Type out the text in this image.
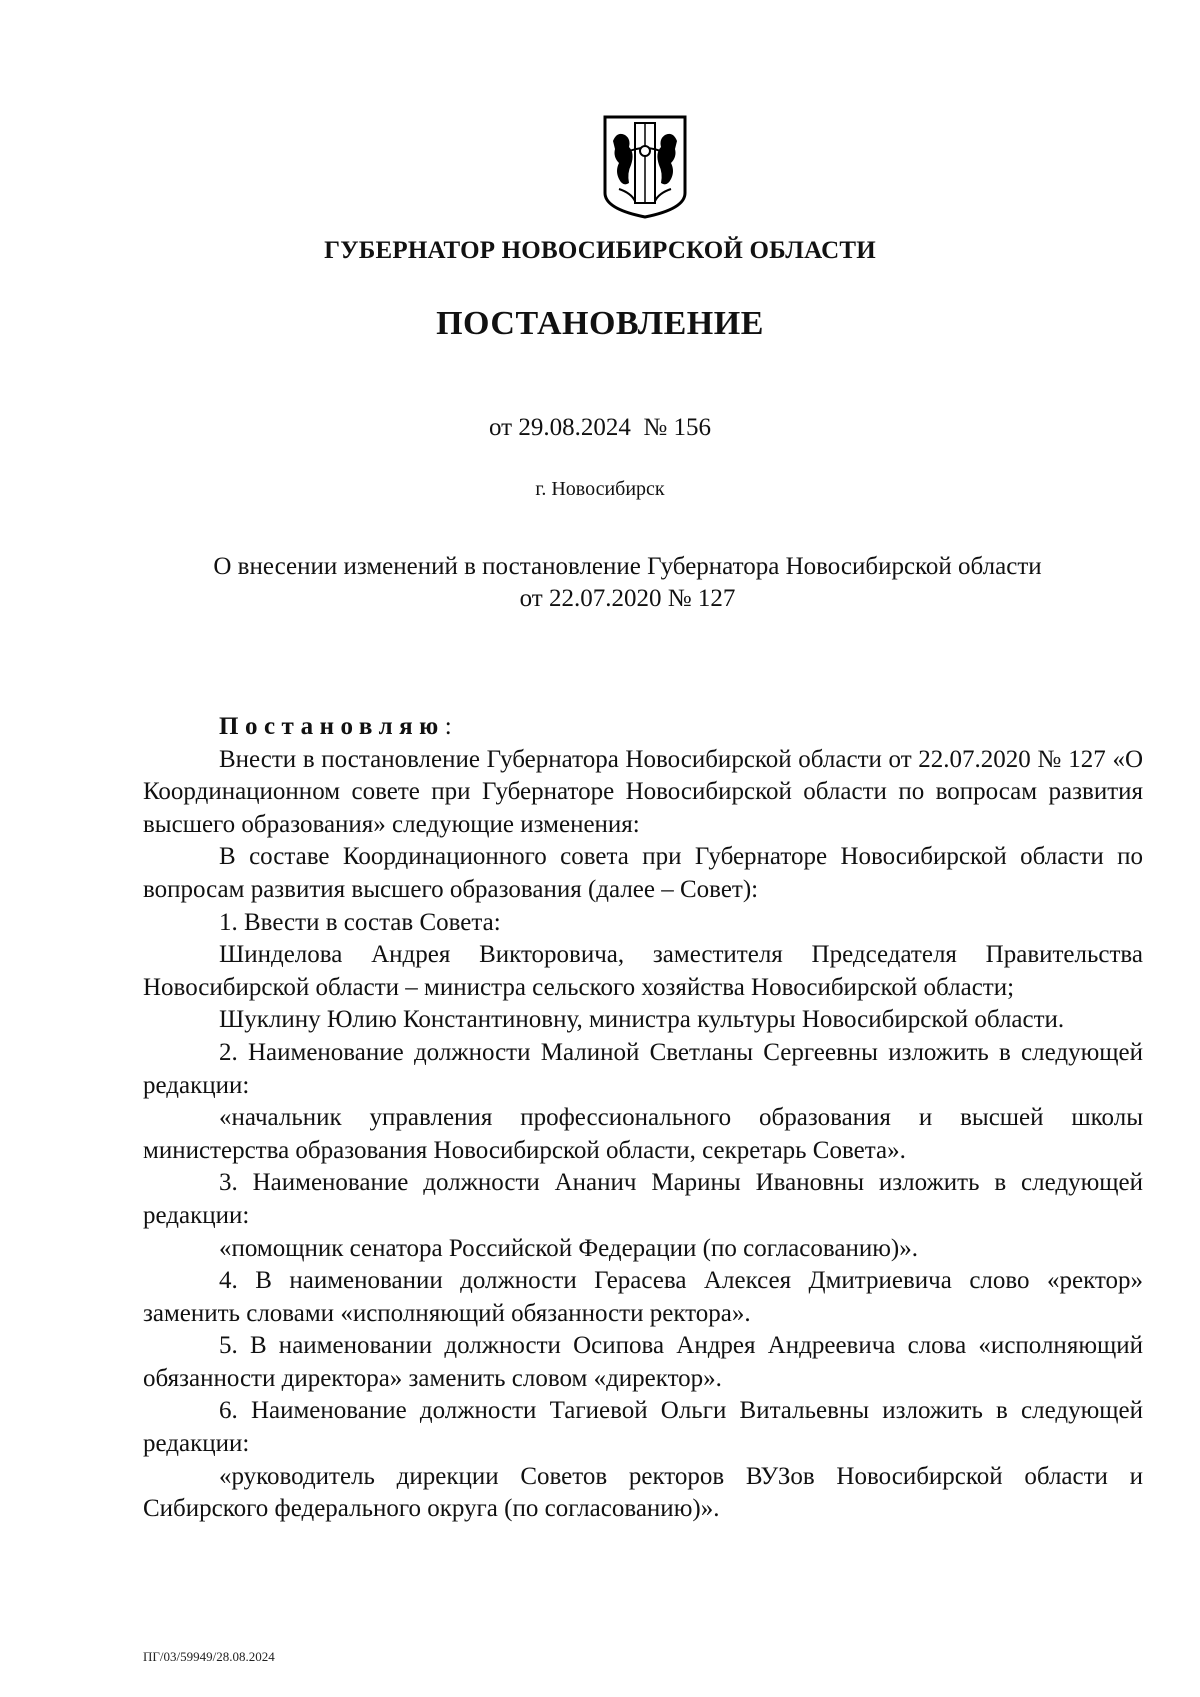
ГУБЕРНАТОР НОВОСИБИРСКОЙ ОБЛАСТИ
ПОСТАНОВЛЕНИЕ
от 29.08.2024  № 156
г. Новосибирск
О внесении изменений в постановление Губернатора Новосибирской области
от 22.07.2020 № 127
Постановляю:
Внести в постановление Губернатора Новосибирской области от 22.07.2020 № 127 «О Координационном совете при Губернаторе Новосибирской области по вопросам развития высшего образования» следующие изменения:
В составе Координационного совета при Губернаторе Новосибирской области по вопросам развития высшего образования (далее – Совет):
1. Ввести в состав Совета:
Шинделова Андрея Викторовича, заместителя Председателя Правительства Новосибирской области – министра сельского хозяйства Новосибирской области;
Шуклину Юлию Константиновну, министра культуры Новосибирской области.
2. Наименование должности Малиной Светланы Сергеевны изложить в следующей редакции:
«начальник управления профессионального образования и высшей школы министерства образования Новосибирской области, секретарь Совета».
3. Наименование должности Ананич Марины Ивановны изложить в следующей редакции:
«помощник сенатора Российской Федерации (по согласованию)».
4. В наименовании должности Герасева Алексея Дмитриевича слово «ректор» заменить словами «исполняющий обязанности ректора».
5. В наименовании должности Осипова Андрея Андреевича слова «исполняющий обязанности директора» заменить словом «директор».
6. Наименование должности Тагиевой Ольги Витальевны изложить в следующей редакции:
«руководитель дирекции Советов ректоров ВУЗов Новосибирской области и Сибирского федерального округа (по согласованию)».
ПГ/03/59949/28.08.2024
